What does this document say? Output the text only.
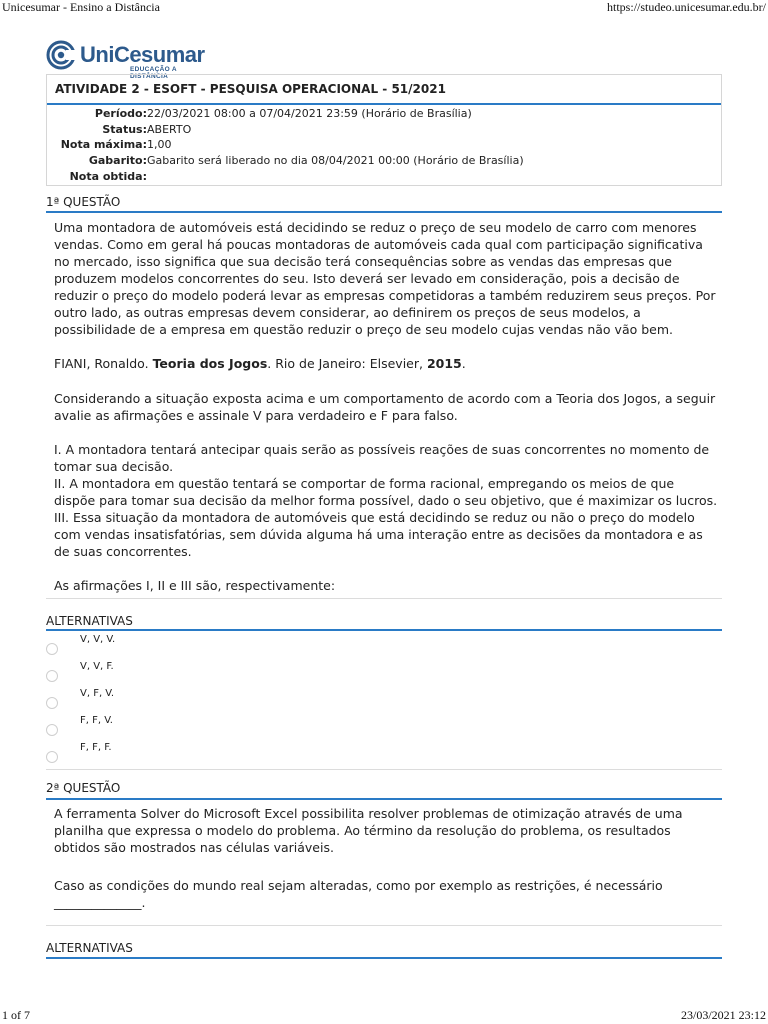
Unicesumar - Ensino a Distância	https://studeo.unicesumar.edu.br/
UniCesumar
EDUCAÇÃO A DISTÂNCIA
ATIVIDADE 2 - ESOFT - PESQUISA OPERACIONAL - 51/2021
Período:22/03/2021 08:00 a 07/04/2021 23:59 (Horário de Brasília)
Status:ABERTO
Nota máxima:1,00
Gabarito:Gabarito será liberado no dia 08/04/2021 00:00 (Horário de Brasília)
Nota obtida:
1ª QUESTÃO

Uma montadora de automóveis está decidindo se reduz o preço de seu modelo de carro com menores vendas. Como em geral há poucas montadoras de automóveis cada qual com participação significativa no mercado, isso significa que sua decisão terá consequências sobre as vendas das empresas que produzem modelos concorrentes do seu. Isto deverá ser levado em consideração, pois a decisão de reduzir o preço do modelo poderá levar as empresas competidoras a também reduzirem seus preços. Por outro lado, as outras empresas devem considerar, ao definirem os preços de seus modelos, a possibilidade de a empresa em questão reduzir o preço de seu modelo cujas vendas não vão bem.

FIANI, Ronaldo. Teoria dos Jogos. Rio de Janeiro: Elsevier, 2015.

Considerando a situação exposta acima e um comportamento de acordo com a Teoria dos Jogos, a seguir avalie as afirmações e assinale V para verdadeiro e F para falso.

I. A montadora tentará antecipar quais serão as possíveis reações de suas concorrentes no momento de tomar sua decisão.

II. A montadora em questão tentará se comportar de forma racional, empregando os meios de que dispõe para tomar sua decisão da melhor forma possível, dado o seu objetivo, que é maximizar os lucros.

III. Essa situação da montadora de automóveis que está decidindo se reduz ou não o preço do modelo com vendas insatisfatórias, sem dúvida alguma há uma interação entre as decisões da montadora e as de suas concorrentes.

As afirmações I, II e III são, respectivamente:

ALTERNATIVAS
V, V, V.
V, V, F.
V, F, V.
F, F, V.
F, F, F.
2ª QUESTÃO

A ferramenta Solver do Microsoft Excel possibilita resolver problemas de otimização através de uma planilha que expressa o modelo do problema. Ao término da resolução do problema, os resultados obtidos são mostrados nas células variáveis.

Caso as condições do mundo real sejam alteradas, como por exemplo as restrições, é necessário
______________.

ALTERNATIVAS
1 of 7	23/03/2021 23:12
